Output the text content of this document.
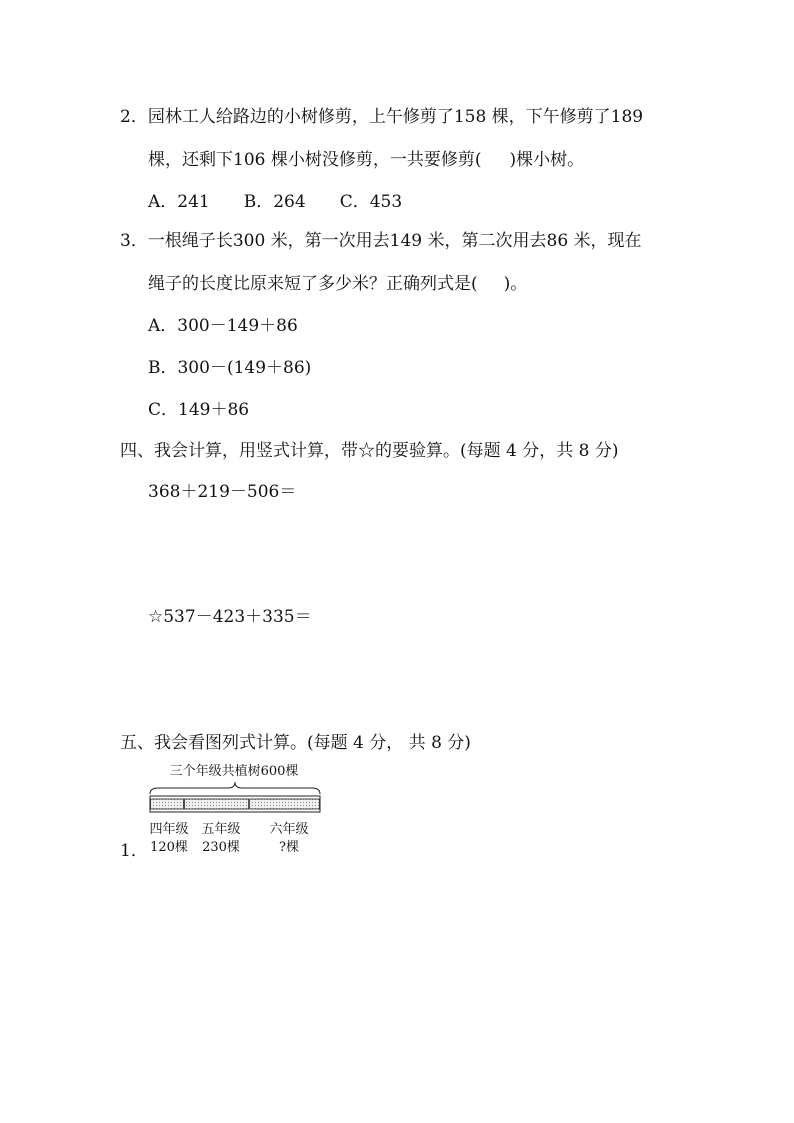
2．园林工人给路边的小树修剪，上午修剪了158 棵，下午修剪了189
棵，还剩下106 棵小树没修剪，一共要修剪( )棵小树。
A．241 B．264 C．453
3．一根绳子长300 米，第一次用去149 米，第二次用去86 米，现在
绳子的长度比原来短了多少米？正确列式是( )。
A．300－149＋86
B．300－(149＋86)
C．149＋86
四、我会计算，用竖式计算，带☆的要验算。(每题 4 分，共 8 分)
368＋219－506＝
☆537－423＋335＝
五、我会看图列式计算。(每题 4 分， 共 8 分)
1．
三个年级共植树600棵
四年级 五年级	六年级
120棵	230棵	?棵
